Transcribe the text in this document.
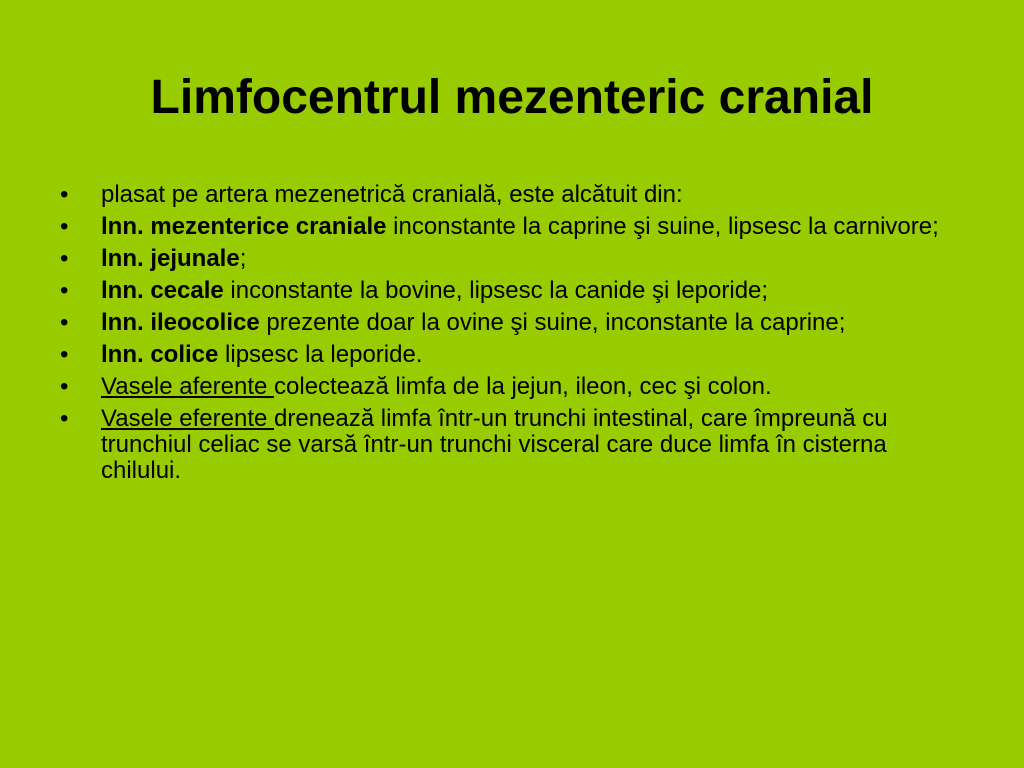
Limfocentrul mezenteric cranial
•	plasat pe artera mezenetrică cranială, este alcătuit din:
•	lnn. mezenterice craniale inconstante la caprine şi suine, lipsesc la carnivore;
•	lnn. jejunale;
•	lnn. cecale inconstante la bovine, lipsesc la canide şi leporide;
•	lnn. ileocolice prezente doar la ovine şi suine, inconstante la caprine;
•	lnn. colice lipsesc la leporide.
•	Vasele aferente colectează limfa de la jejun, ileon, cec şi colon.
•	Vasele eferente drenează limfa într-un trunchi intestinal, care împreună cu trunchiul celiac se varsă într-un trunchi visceral care duce limfa în cisterna chilului.
